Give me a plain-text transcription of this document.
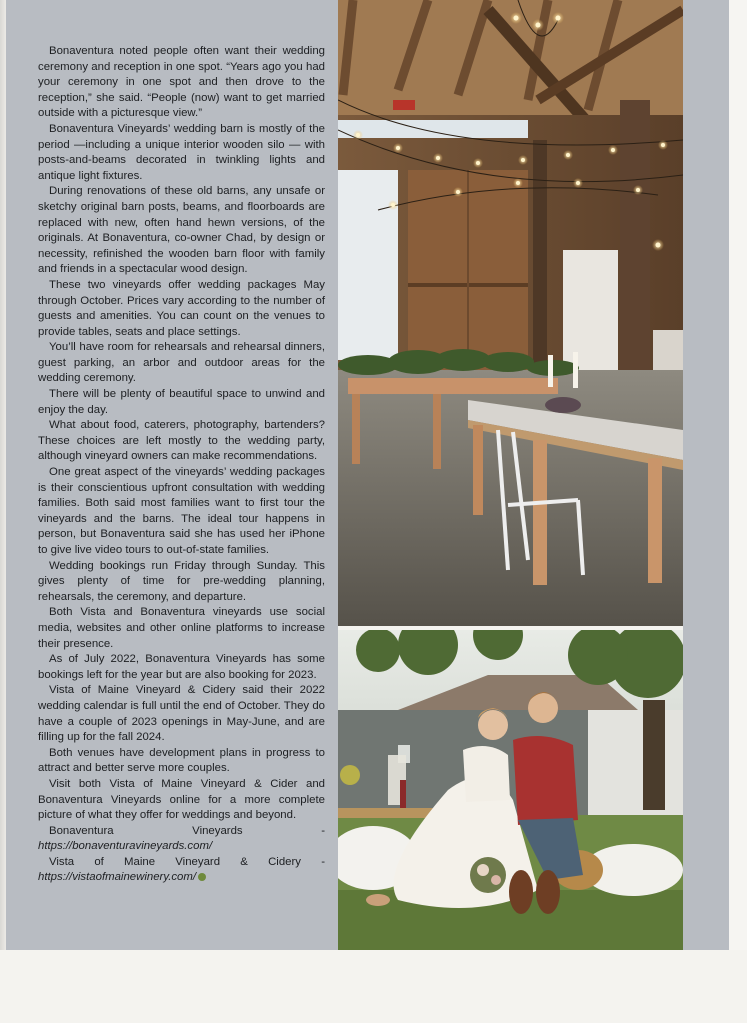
Bonaventura noted people often want their wedding ceremony and reception in one spot. “Years ago you had your ceremony in one spot and then drove to the reception,” she said. “People (now) want to get married outside with a picturesque view.”

Bonaventura Vineyards’ wedding barn is mostly of the period —including a unique interior wooden silo — with posts-and-beams decorated in twinkling lights and antique light fixtures.

During renovations of these old barns, any unsafe or sketchy original barn posts, beams, and floorboards are replaced with new, often hand hewn versions, of the originals. At Bonaventura, co-owner Chad, by design or necessity, refinished the wooden barn floor with family and friends in a spectacular wood design.

These two vineyards offer wedding packages May through October. Prices vary according to the number of guests and amenities. You can count on the venues to provide tables, seats and place settings.

You’ll have room for rehearsals and rehearsal dinners, guest parking, an arbor and outdoor areas for the wedding ceremony.

There will be plenty of beautiful space to unwind and enjoy the day.

What about food, caterers, photography, bartenders? These choices are left mostly to the wedding party, although vineyard owners can make recommendations.

One great aspect of the vineyards’ wedding packages is their conscientious upfront consultation with wedding families. Both said most families want to first tour the vineyards and the barns. The ideal tour happens in person, but Bonaventura said she has used her iPhone to give live video tours to out-of-state families.

Wedding bookings run Friday through Sunday. This gives plenty of time for pre-wedding planning, rehearsals, the ceremony, and departure.

Both Vista and Bonaventura vineyards use social media, websites and other online platforms to increase their presence.

As of July 2022, Bonaventura Vineyards has some bookings left for the year but are also booking for 2023.

Vista of Maine Vineyard & Cidery said their 2022 wedding calendar is full until the end of October. They do have a couple of 2023 openings in May-June, and are filling up for the fall 2024.

Both venues have development plans in progress to attract and better serve more couples.

Visit both Vista of Maine Vineyard & Cider and Bonaventura Vineyards online for a more complete picture of what they offer for weddings and beyond.

Bonaventura Vineyards - https://bonaventuravineyards.com/

Vista of Maine Vineyard & Cidery - https://vistaofmainewinery.com/
